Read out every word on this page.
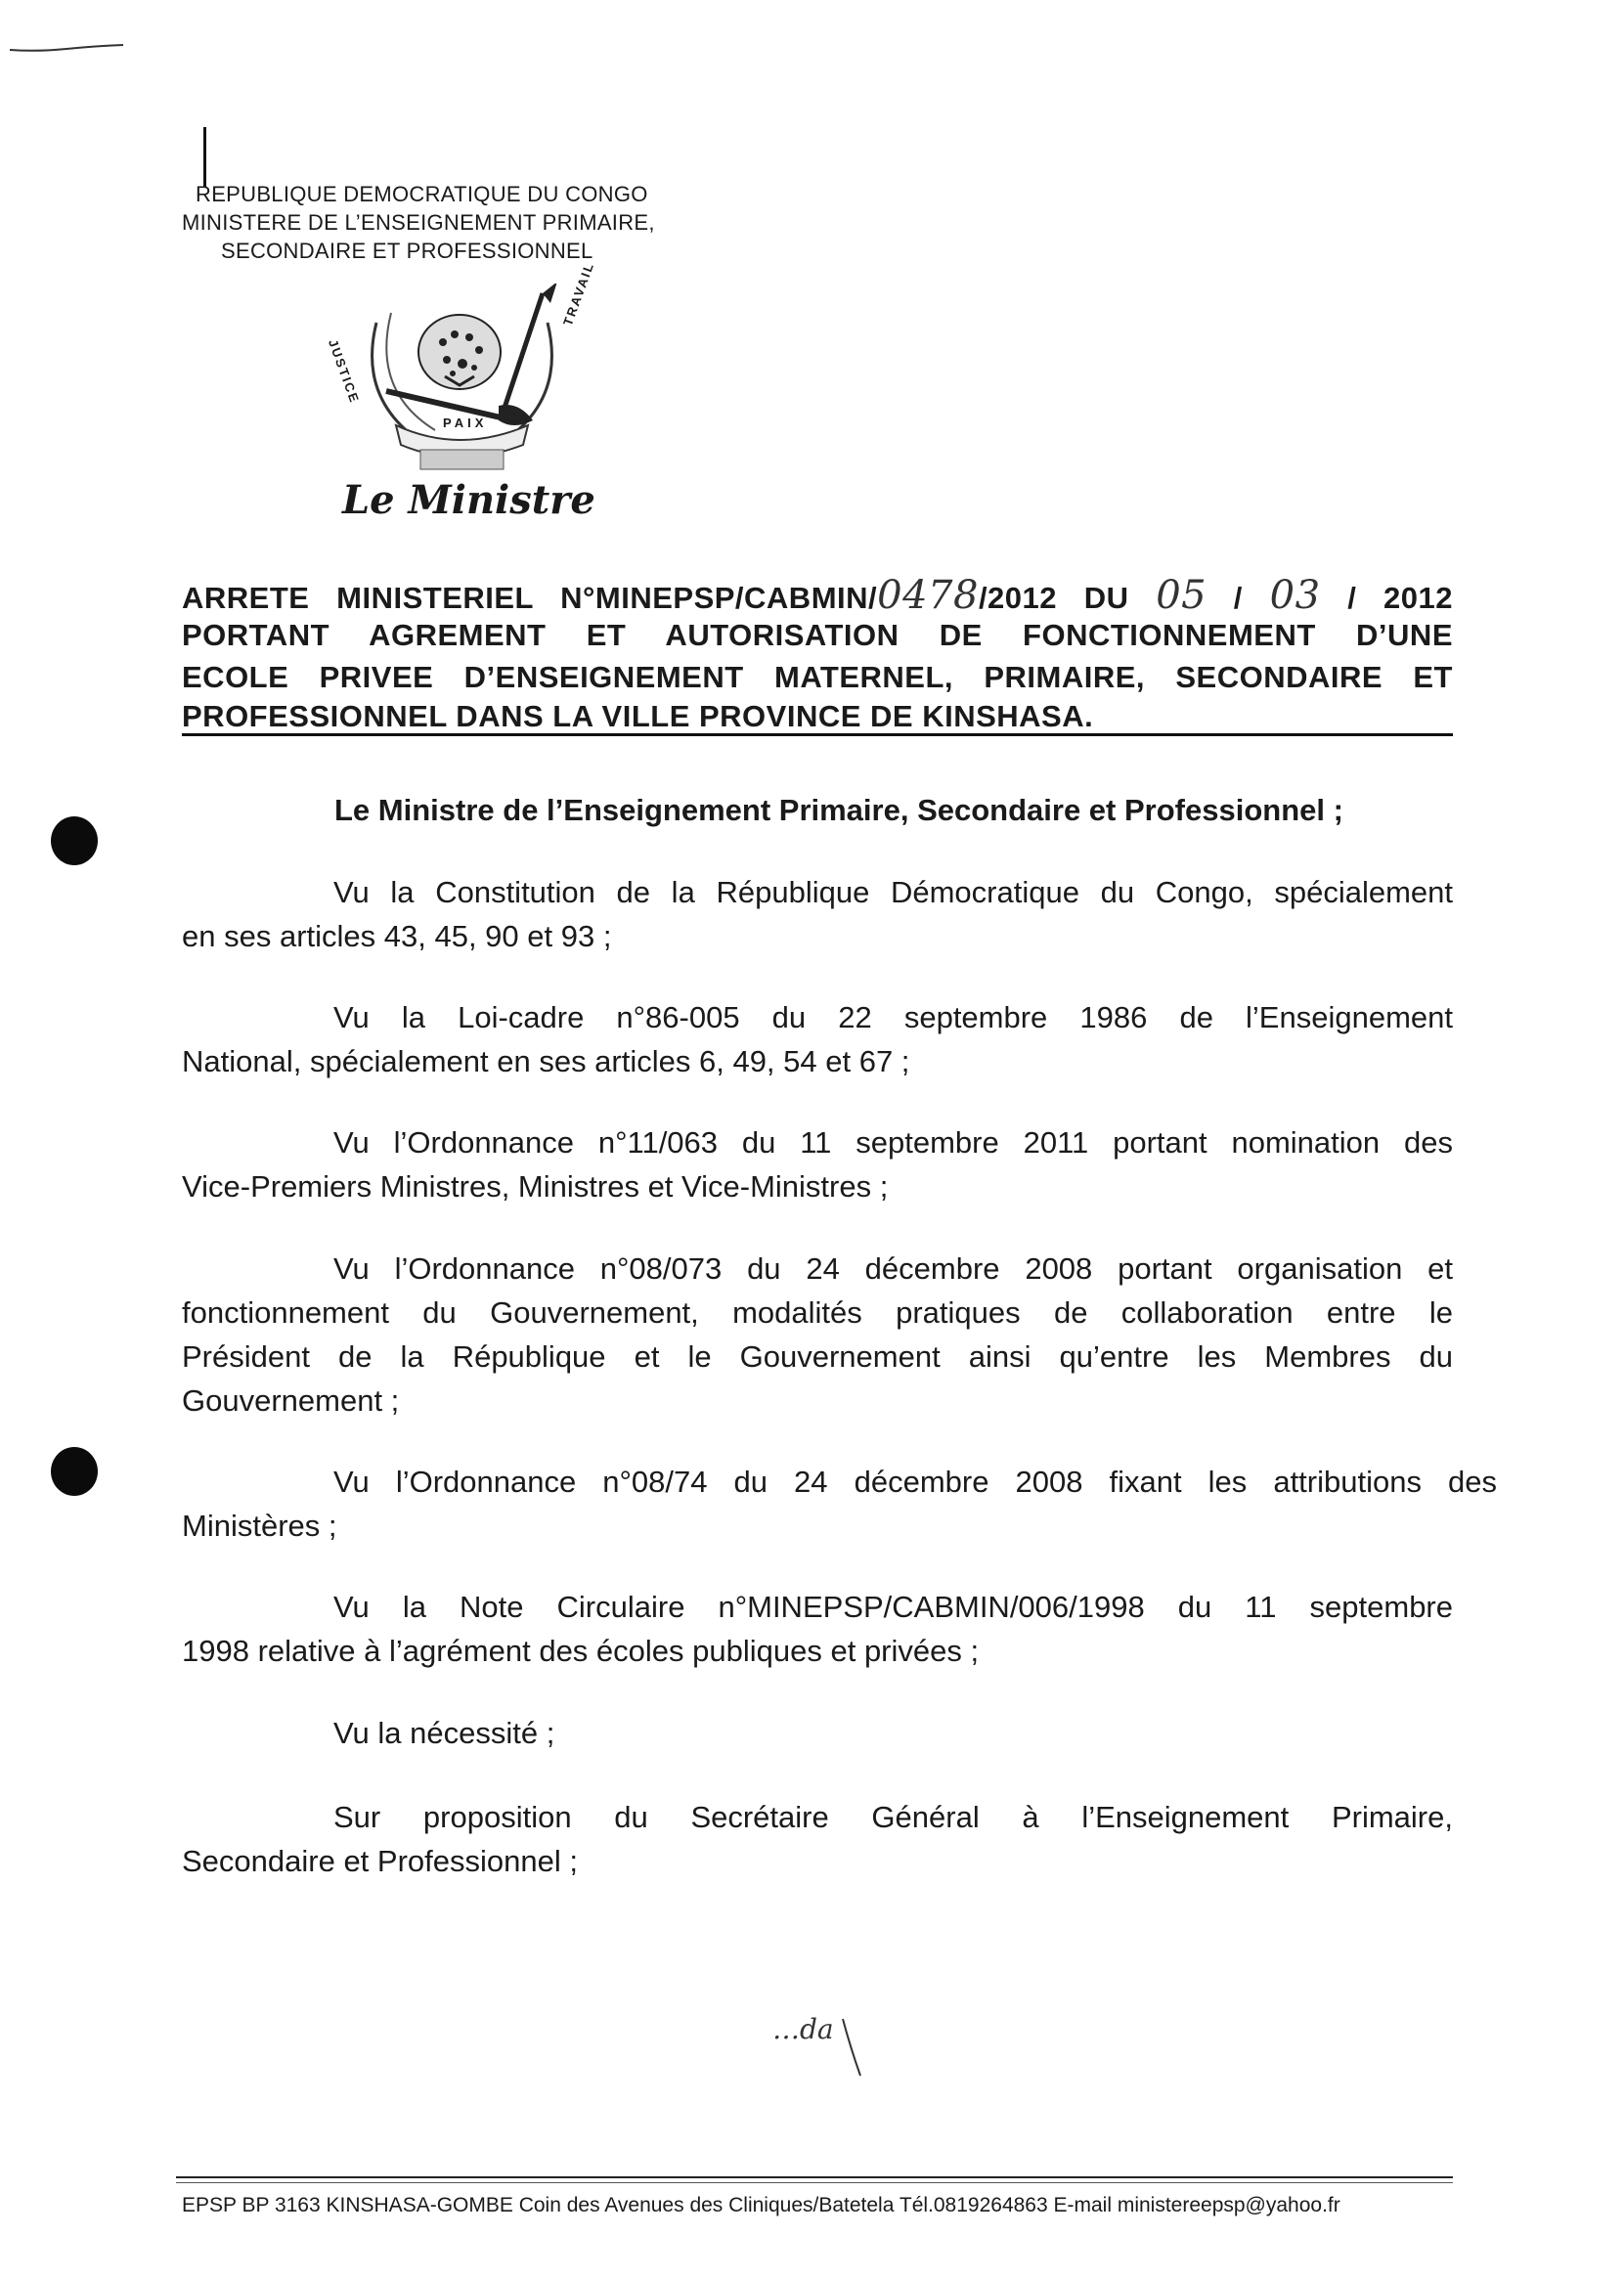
REPUBLIQUE DEMOCRATIQUE DU CONGO
MINISTERE DE L’ENSEIGNEMENT PRIMAIRE,
SECONDAIRE ET PROFESSIONNEL
JUSTICE
PAIX
TRAVAIL
Le Ministre
ARRETE MINISTERIEL N°MINEPSP/CABMIN/0478/2012 DU 05 / 03 / 2012
PORTANT AGREMENT ET AUTORISATION DE FONCTIONNEMENT D’UNE
ECOLE PRIVEE D’ENSEIGNEMENT MATERNEL, PRIMAIRE, SECONDAIRE ET
PROFESSIONNEL DANS LA VILLE PROVINCE DE KINSHASA.
Le Ministre de l’Enseignement Primaire, Secondaire et Professionnel ;
Vu la Constitution de la République Démocratique du Congo, spécialement
en ses articles 43, 45, 90 et 93 ;
Vu la Loi-cadre n°86-005 du 22 septembre 1986 de l’Enseignement
National, spécialement en ses articles 6, 49, 54 et 67 ;
Vu l’Ordonnance n°11/063 du 11 septembre 2011 portant nomination des
Vice-Premiers Ministres, Ministres et Vice-Ministres ;
Vu l’Ordonnance n°08/073 du 24 décembre 2008 portant organisation et
fonctionnement du Gouvernement, modalités pratiques de collaboration entre le
Président de la République et le Gouvernement ainsi qu’entre les Membres du
Gouvernement ;
Vu l’Ordonnance n°08/74 du 24 décembre 2008 fixant les attributions des
Ministères ;
Vu la Note Circulaire n°MINEPSP/CABMIN/006/1998 du 11 septembre
1998 relative à l’agrément des écoles publiques et privées ;
Vu la nécessité ;
Sur proposition du Secrétaire Général à l’Enseignement Primaire,
Secondaire et Professionnel ;
…da
EPSP BP 3163 KINSHASA-GOMBE Coin des Avenues des Cliniques/Batetela Tél.0819264863 E-mail ministereepsp@yahoo.fr
